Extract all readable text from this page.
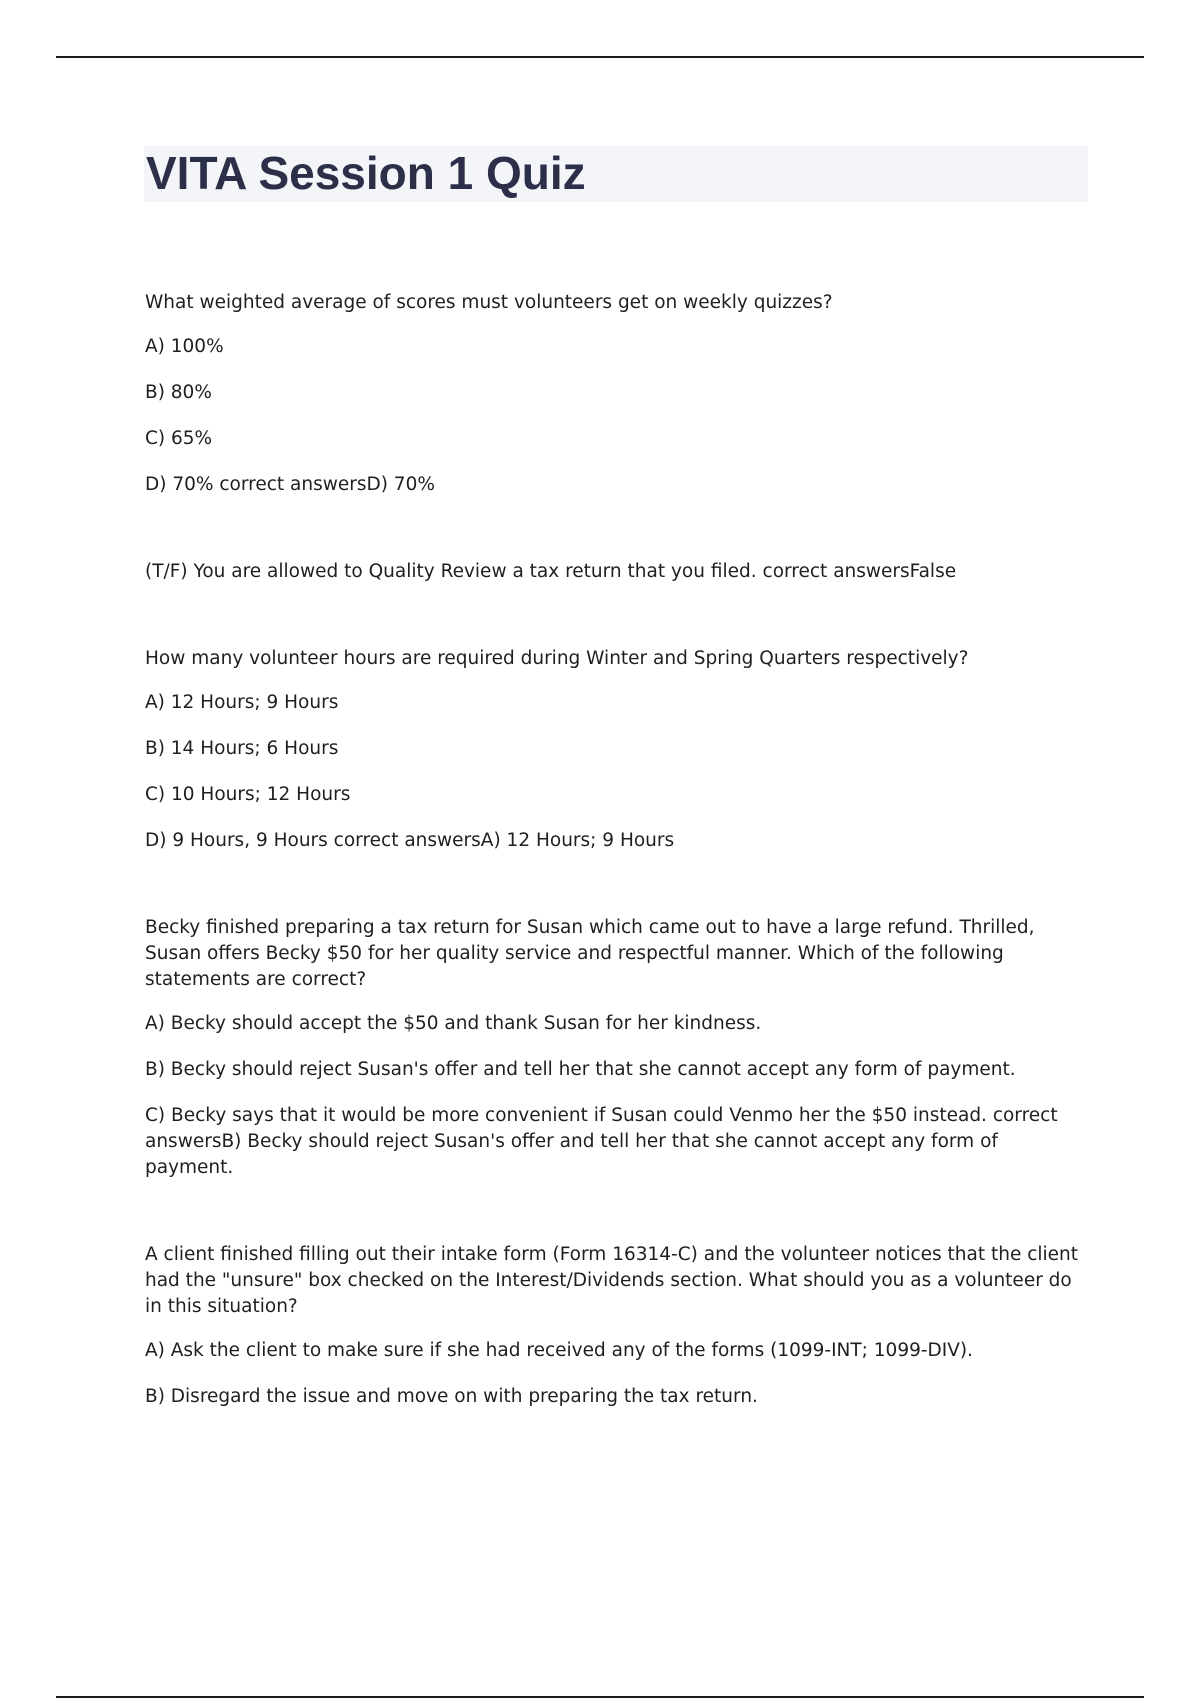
VITA Session 1 Quiz

What weighted average of scores must volunteers get on weekly quizzes?

A) 100%

B) 80%

C) 65%

D) 70% correct answersD) 70%

(T/F) You are allowed to Quality Review a tax return that you filed. correct answersFalse

How many volunteer hours are required during Winter and Spring Quarters respectively?

A) 12 Hours; 9 Hours

B) 14 Hours; 6 Hours

C) 10 Hours; 12 Hours

D) 9 Hours, 9 Hours correct answersA) 12 Hours; 9 Hours

Becky finished preparing a tax return for Susan which came out to have a large refund. Thrilled, Susan offers Becky $50 for her quality service and respectful manner. Which of the following statements are correct?

A) Becky should accept the $50 and thank Susan for her kindness.

B) Becky should reject Susan's offer and tell her that she cannot accept any form of payment.

C) Becky says that it would be more convenient if Susan could Venmo her the $50 instead. correct answersB) Becky should reject Susan's offer and tell her that she cannot accept any form of payment.

A client finished filling out their intake form (Form 16314-C) and the volunteer notices that the client had the "unsure" box checked on the Interest/Dividends section. What should you as a volunteer do in this situation?

A) Ask the client to make sure if she had received any of the forms (1099-INT; 1099-DIV).

B) Disregard the issue and move on with preparing the tax return.
